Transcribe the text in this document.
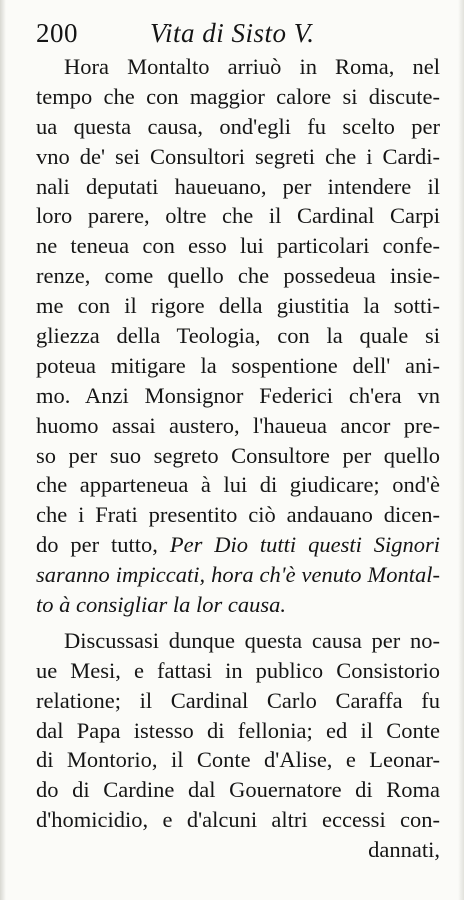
200	Vita di Sisto V.
Hora Montalto arriuò in Roma, nel
tempo che con maggior calore si discute-
ua questa causa, ond'egli fu scelto per
vno de' sei Consultori segreti che i Cardi-
nali deputati haueuano, per intendere il
loro parere, oltre che il Cardinal Carpi
ne teneua con esso lui particolari confe-
renze, come quello che possedeua insie-
me con il rigore della giustitia la sotti-
gliezza della Teologia, con la quale si
poteua mitigare la sospentione dell' ani-
mo. Anzi Monsignor Federici ch'era vn
huomo assai austero, l'haueua ancor pre-
so per suo segreto Consultore per quello
che apparteneua à lui di giudicare; ond'è
che i Frati presentito ciò andauano dicen-
do per tutto, Per Dio tutti questi Signori
saranno impiccati, hora ch'è venuto Montal-
to à consigliar la lor causa.
Discussasi dunque questa causa per no-
ue Mesi, e fattasi in publico Consistorio
relatione; il Cardinal Carlo Caraffa fu
dal Papa istesso di fellonia; ed il Conte
di Montorio, il Conte d'Alise, e Leonar-
do di Cardine dal Gouernatore di Roma
d'homicidio, e d'alcuni altri eccessi con-
dannati,
